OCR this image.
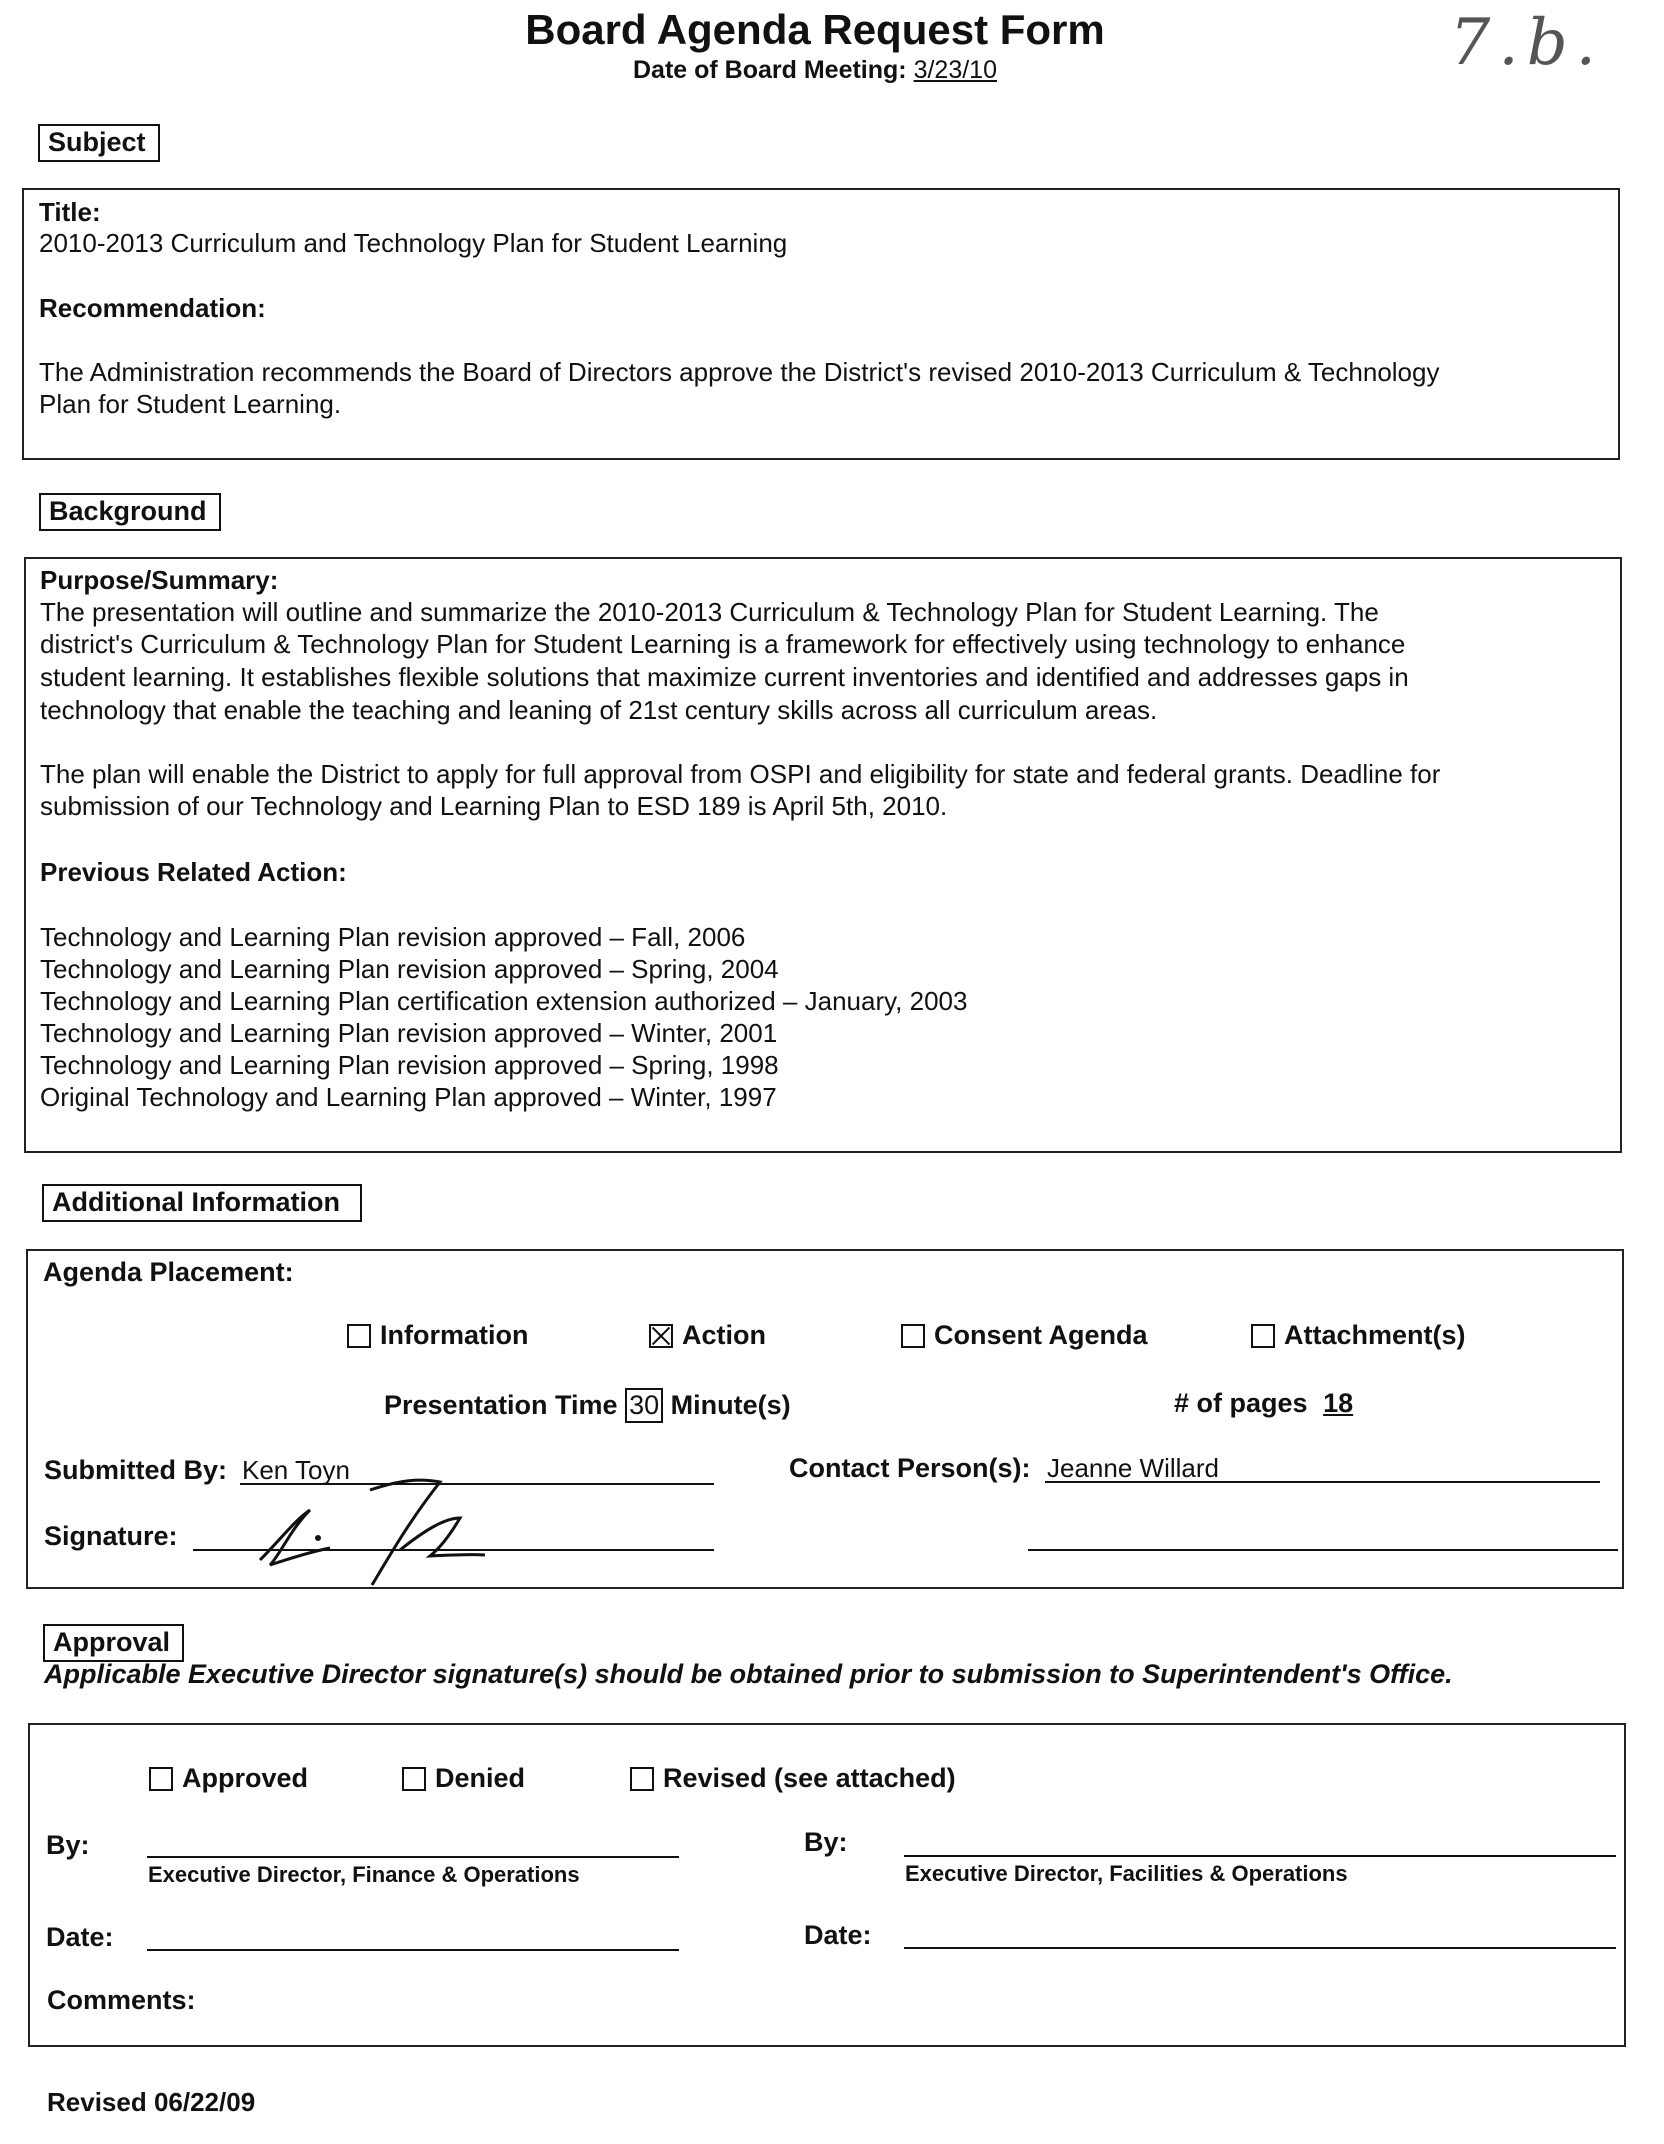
Board Agenda Request Form
Date of Board Meeting: 3/23/10	7.b.
Subject
Title:
2010-2013 Curriculum and Technology Plan for Student Learning
Recommendation:
The Administration recommends the Board of Directors approve the District's revised 2010-2013 Curriculum & Technology
Plan for Student Learning.
Background
Purpose/Summary:
The presentation will outline and summarize the 2010-2013 Curriculum & Technology Plan for Student Learning. The
district's Curriculum & Technology Plan for Student Learning is a framework for effectively using technology to enhance
student learning. It establishes flexible solutions that maximize current inventories and identified and addresses gaps in
technology that enable the teaching and leaning of 21st century skills across all curriculum areas.
The plan will enable the District to apply for full approval from OSPI and eligibility for state and federal grants. Deadline for
submission of our Technology and Learning Plan to ESD 189 is April 5th, 2010.
Previous Related Action:
Technology and Learning Plan revision approved – Fall, 2006
Technology and Learning Plan revision approved – Spring, 2004
Technology and Learning Plan certification extension authorized – January, 2003
Technology and Learning Plan revision approved – Winter, 2001
Technology and Learning Plan revision approved – Spring, 1998
Original Technology and Learning Plan approved – Winter, 1997
Additional Information
Agenda Placement:
Information	Action	Consent Agenda	Attachment(s)
Presentation Time 30 Minute(s)	# of pages 18
Submitted By: Ken Toyn	Contact Person(s): Jeanne Willard
Signature:
Approval
Applicable Executive Director signature(s) should be obtained prior to submission to Superintendent's Office.
Approved	Denied	Revised (see attached)
By:
Executive Director, Finance & Operations
By:
Executive Director, Facilities & Operations
Date:	Date:
Comments:
Revised 06/22/09
